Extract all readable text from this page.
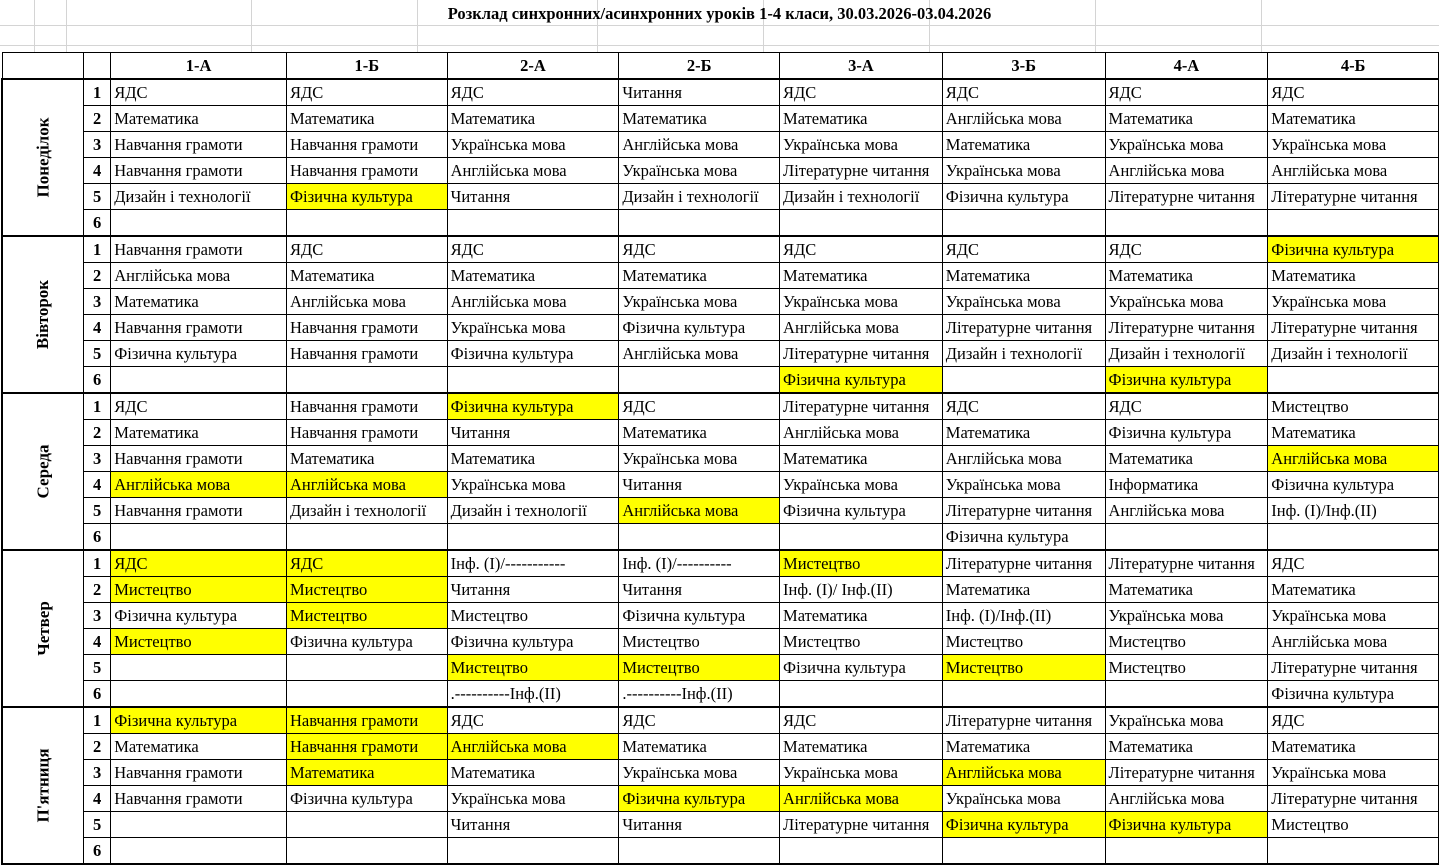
Розклад синхронних/асинхронних уроків 1-4 класи, 30.03.2026-03.04.2026
		1-А	1-Б	2-А	2-Б	3-А	3-Б	4-А	4-Б
Понеділок	1	ЯДС	ЯДС	ЯДС	Читання	ЯДС	ЯДС	ЯДС	ЯДС
	2	Математика	Математика	Математика	Математика	Математика	Англійська мова	Математика	Математика
	3	Навчання грамоти	Навчання грамоти	Українська мова	Англійська мова	Українська мова	Математика	Українська мова	Українська мова
	4	Навчання грамоти	Навчання грамоти	Англійська мова	Українська мова	Літературне читання	Українська мова	Англійська мова	Англійська мова
	5	Дизайн і технології	Фізична культура	Читання	Дизайн і технології	Дизайн і технології	Фізична культура	Літературне читання	Літературне читання
	6								
Вівторок	1	Навчання грамоти	ЯДС	ЯДС	ЯДС	ЯДС	ЯДС	ЯДС	Фізична культура
	2	Англійська мова	Математика	Математика	Математика	Математика	Математика	Математика	Математика
	3	Математика	Англійська мова	Англійська мова	Українська мова	Українська мова	Українська мова	Українська мова	Українська мова
	4	Навчання грамоти	Навчання грамоти	Українська мова	Фізична культура	Англійська мова	Літературне читання	Літературне читання	Літературне читання
	5	Фізична культура	Навчання грамоти	Фізична культура	Англійська мова	Літературне читання	Дизайн і технології	Дизайн і технології	Дизайн і технології
	6					Фізична культура		Фізична культура	
Середа	1	ЯДС	Навчання грамоти	Фізична культура	ЯДС	Літературне читання	ЯДС	ЯДС	Мистецтво
	2	Математика	Навчання грамоти	Читання	Математика	Англійська мова	Математика	Фізична культура	Математика
	3	Навчання грамоти	Математика	Математика	Українська мова	Математика	Англійська мова	Математика	Англійська мова
	4	Англійська мова	Англійська мова	Українська мова	Читання	Українська мова	Українська мова	Інформатика	Фізична культура
	5	Навчання грамоти	Дизайн і технології	Дизайн і технології	Англійська мова	Фізична культура	Літературне читання	Англійська мова	Інф. (І)/Інф.(ІІ)
	6						Фізична культура		
Четвер	1	ЯДС	ЯДС	Інф. (І)/-----------	Інф. (І)/----------	Мистецтво	Літературне читання	Літературне читання	ЯДС
	2	Мистецтво	Мистецтво	Читання	Читання	Інф. (І)/ Інф.(ІІ)	Математика	Математика	Математика
	3	Фізична культура	Мистецтво	Мистецтво	Фізична культура	Математика	Інф. (І)/Інф.(ІІ)	Українська мова	Українська мова
	4	Мистецтво	Фізична культура	Фізична культура	Мистецтво	Мистецтво	Мистецтво	Мистецтво	Англійська мова
	5			Мистецтво	Мистецтво	Фізична культура	Мистецтво	Мистецтво	Літературне читання
	6			.----------Інф.(ІІ)	.----------Інф.(ІІ)				Фізична культура
П'ятниця	1	Фізична культура	Навчання грамоти	ЯДС	ЯДС	ЯДС	Літературне читання	Українська мова	ЯДС
	2	Математика	Навчання грамоти	Англійська мова	Математика	Математика	Математика	Математика	Математика
	3	Навчання грамоти	Математика	Математика	Українська мова	Українська мова	Англійська мова	Літературне читання	Українська мова
	4	Навчання грамоти	Фізична культура	Українська мова	Фізична культура	Англійська мова	Українська мова	Англійська мова	Літературне читання
	5			Читання	Читання	Літературне читання	Фізична культура	Фізична культура	Мистецтво
	6								
